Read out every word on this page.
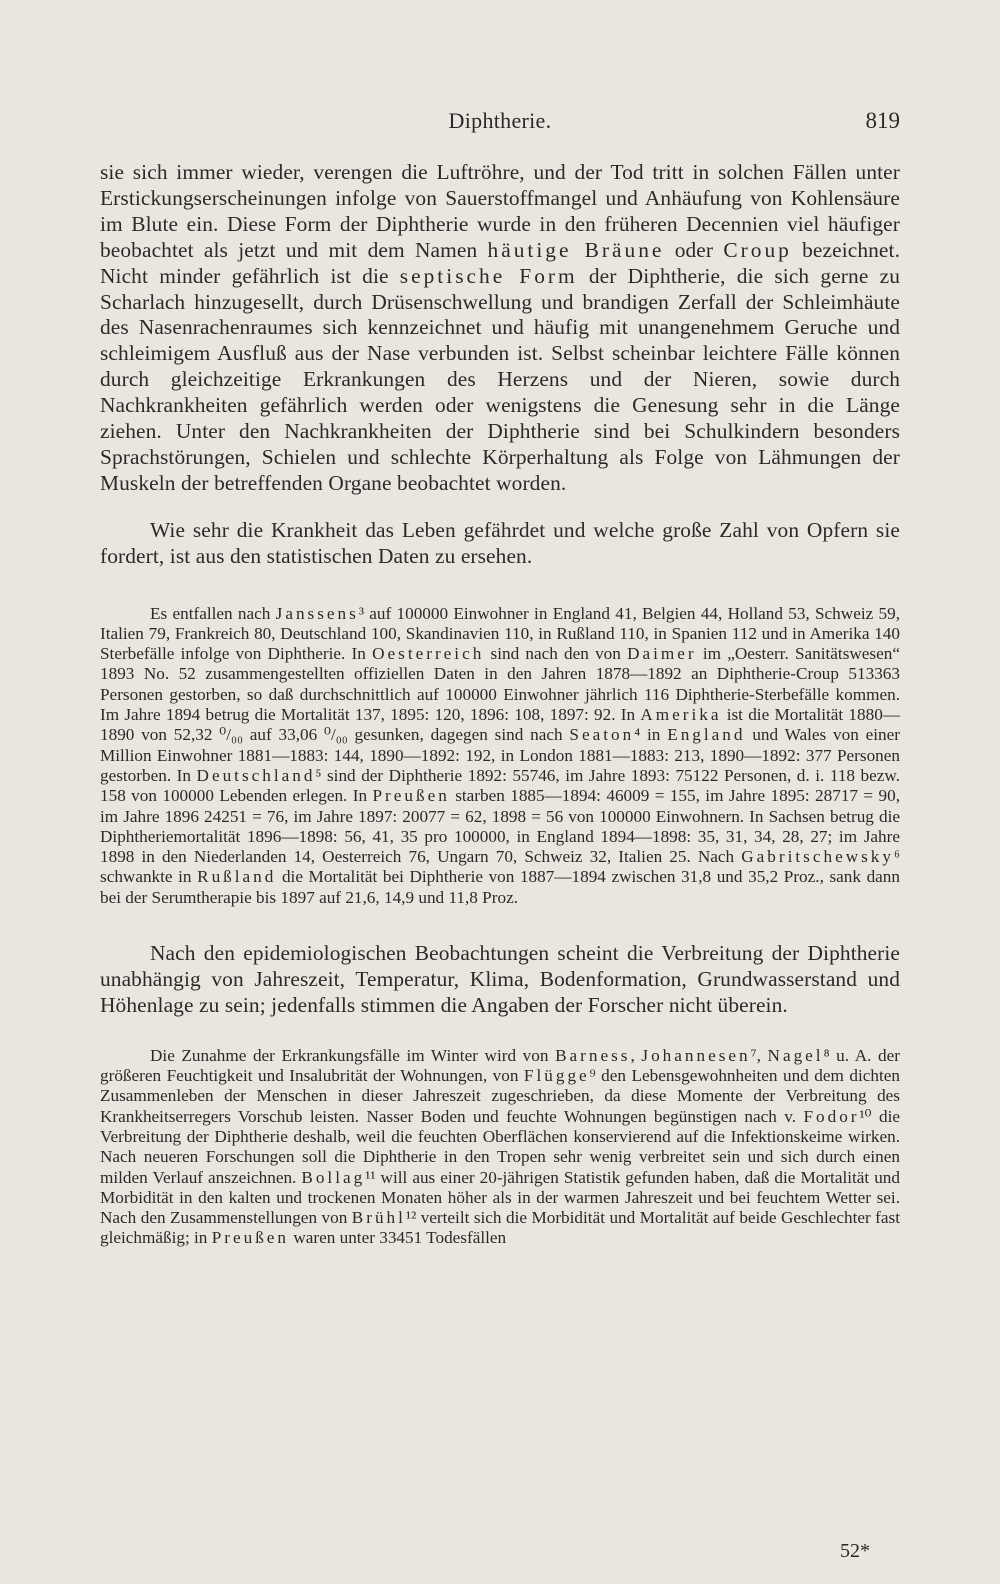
Diphtherie.	819

sie sich immer wieder, verengen die Luftröhre, und der Tod tritt in solchen Fällen unter Erstickungserscheinungen infolge von Sauerstoffmangel und Anhäufung von Kohlensäure im Blute ein. Diese Form der Diphtherie wurde in den früheren Decennien viel häufiger beobachtet als jetzt und mit dem Namen häutige Bräune oder Croup bezeichnet. Nicht minder gefährlich ist die septische Form der Diphtherie, die sich gerne zu Scharlach hinzugesellt, durch Drüsenschwellung und brandigen Zerfall der Schleimhäute des Nasenrachenraumes sich kennzeichnet und häufig mit unangenehmem Geruche und schleimigem Ausfluß aus der Nase verbunden ist. Selbst scheinbar leichtere Fälle können durch gleichzeitige Erkrankungen des Herzens und der Nieren, sowie durch Nachkrankheiten gefährlich werden oder wenigstens die Genesung sehr in die Länge ziehen. Unter den Nachkrankheiten der Diphtherie sind bei Schulkindern besonders Sprachstörungen, Schielen und schlechte Körperhaltung als Folge von Lähmungen der Muskeln der betreffenden Organe beobachtet worden.

Wie sehr die Krankheit das Leben gefährdet und welche große Zahl von Opfern sie fordert, ist aus den statistischen Daten zu ersehen.

Es entfallen nach Janssens³ auf 100000 Einwohner in England 41, Belgien 44, Holland 53, Schweiz 59, Italien 79, Frankreich 80, Deutschland 100, Skandinavien 110, in Rußland 110, in Spanien 112 und in Amerika 140 Sterbefälle infolge von Diphtherie. In Oesterreich sind nach den von Daimer im „Oesterr. Sanitätswesen“ 1893 No. 52 zusammengestellten offiziellen Daten in den Jahren 1878—1892 an Diphtherie-Croup 513363 Personen gestorben, so daß durchschnittlich auf 100000 Einwohner jährlich 116 Diphtherie-Sterbefälle kommen. Im Jahre 1894 betrug die Mortalität 137, 1895: 120, 1896: 108, 1897: 92. In Amerika ist die Mortalität 1880—1890 von 52,32 ⁰/₀₀ auf 33,06 ⁰/₀₀ gesunken, dagegen sind nach Seaton⁴ in England und Wales von einer Million Einwohner 1881—1883: 144, 1890—1892: 192, in London 1881—1883: 213, 1890—1892: 377 Personen gestorben. In Deutschland⁵ sind der Diphtherie 1892: 55746, im Jahre 1893: 75122 Personen, d. i. 118 bezw. 158 von 100000 Lebenden erlegen. In Preußen starben 1885—1894: 46009 = 155, im Jahre 1895: 28717 = 90, im Jahre 1896 24251 = 76, im Jahre 1897: 20077 = 62, 1898 = 56 von 100000 Einwohnern. In Sachsen betrug die Diphtheriemortalität 1896—1898: 56, 41, 35 pro 100000, in England 1894—1898: 35, 31, 34, 28, 27; im Jahre 1898 in den Niederlanden 14, Oesterreich 76, Ungarn 70, Schweiz 32, Italien 25. Nach Gabritschewsky⁶ schwankte in Rußland die Mortalität bei Diphtherie von 1887—1894 zwischen 31,8 und 35,2 Proz., sank dann bei der Serumtherapie bis 1897 auf 21,6, 14,9 und 11,8 Proz.

Nach den epidemiologischen Beobachtungen scheint die Verbreitung der Diphtherie unabhängig von Jahreszeit, Temperatur, Klima, Bodenformation, Grundwasserstand und Höhenlage zu sein; jedenfalls stimmen die Angaben der Forscher nicht überein.

Die Zunahme der Erkrankungsfälle im Winter wird von Barness, Johannesen⁷, Nagel⁸ u. A. der größeren Feuchtigkeit und Insalubrität der Wohnungen, von Flügge⁹ den Lebensgewohnheiten und dem dichten Zusammenleben der Menschen in dieser Jahreszeit zugeschrieben, da diese Momente der Verbreitung des Krankheitserregers Vorschub leisten. Nasser Boden und feuchte Wohnungen begünstigen nach v. Fodor¹⁰ die Verbreitung der Diphtherie deshalb, weil die feuchten Oberflächen konservierend auf die Infektionskeime wirken. Nach neueren Forschungen soll die Diphtherie in den Tropen sehr wenig verbreitet sein und sich durch einen milden Verlauf anszeichnen. Bollag¹¹ will aus einer 20-jährigen Statistik gefunden haben, daß die Mortalität und Morbidität in den kalten und trockenen Monaten höher als in der warmen Jahreszeit und bei feuchtem Wetter sei. Nach den Zusammenstellungen von Brühl¹² verteilt sich die Morbidität und Mortalität auf beide Geschlechter fast gleichmäßig; in Preußen waren unter 33451 Todesfällen

52*
